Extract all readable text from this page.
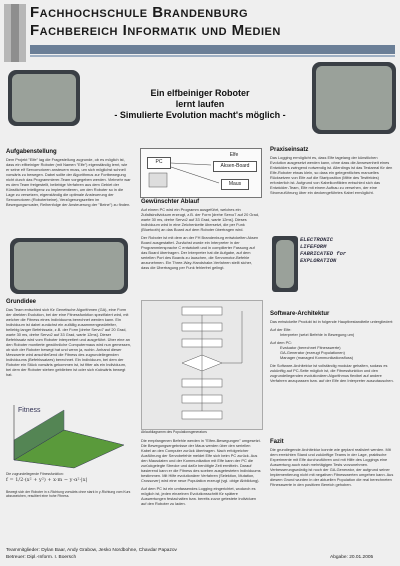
Fachhochschule Brandenburg
Fachbereich Informatik und Medien
Ein elfbeiniger Roboter
lernt laufen
- Simulierte Evolution macht's möglich -
Aufgabenstellung

Dem Projekt "Elfe" lag die Fragestellung zugrunde, ob es möglich ist, dass ein elfbeiniger Roboter (mit Namen "Elfe") eigenständig lernt, wie er seine elf Servomotoren ansteuern muss, um sich möglichst schnell vorwärts zu bewegen. Dabei sollte der Algorithmus zur Fortbewegung nicht durch das Programmierer-Team vorgegeben werden. Vielmehr war es dem Team freigestellt, beliebige Verfahren aus dem Gebiet der Künstlichen Intelligenz zu implementieren, um den Roboter so in die Lage zu versetzen, eigenständig die optimale Ansteuerung der Servomotoren (Roboterbeine), Verzögerungszeiten im Bewegungsmuster, Reihenfolge der Ansteuerung der "Beine") zu finden.

Grundidee

Das Team entschied sich für Genetische Algorithmen (GA), eine Form der direkten Evolution, bei der eine Fitnessfunktion spezifiziert wird, mit welcher die Fitness eines Individuums berechnet werden kann. Ein Individuum ist dabei zunächst ein zufällig zusammengewürfelter, beliebig langer Befehlssatz, z.B. der Form [drehe Servo7 auf 20 Grad, warte 30 ms, drehe Servo2 auf 33 Grad, warte 12ms]. Dieser Befehlssatz wird vom Roboter interpretiert und ausgeführt. Über eine an den Roboter montierte gewöhnliche Computermaus wird nun gemessen, ob sich der Roboter bewegt hat und wenn ja, wohin. Anhand dieser Messwerte wird anschließend die Fitness des zugrundeliegenden Individuums (Befehlssatzes) berechnet. Ein Individuum, bei dem der Roboter ein Stück vorwärts gekommen ist, ist fitter als ein Individuum, bei dem der Roboter stehen geblieben ist oder sich rückwärts bewegt hat.

Fitness
Die zugrundeliegende Fitnessfunktion:
f = 1/2·(x² + y²) + x·m − y·α²·|x|
Bewegt sich der Roboter in x-Richtung vorwärts ohne stark in y-Richtung vom Kurs abzuweichen, resultiert eine hohe Fitness.
PC
Elfe
Aksen-Board
Maus
Gewünschter Ablauf

Auf einem PC wird ein Programm ausgeführt, welches ein Zufallsindividuum erzeugt, z.B. der Form [drehe Servo7 auf 20 Grad, warte 30 ms, drehe Servo2 auf 33 Grad, warte 12ms]. Dieses Individuum wird in eine Zeichenkette übersetzt, die per Funk (Bluetooth) an das Board auf dem Roboter übertragen wird.

Der Roboter ist mit dem an der FH Brandenburg entwickelten Aksen Board ausgestattet. Zunächst wurde ein Interpreter in der Programmiersprache C entwickelt und in compilierter Fassung auf das Board übertragen. Der Interpreter hat die Aufgabe, auf dem seriellen Port des Boards zu lauschen, die Servomotor-Befehle anzunehmen. Ein Three-Way-Handshake-Verfahren stellt sicher, dass die Übertragung per Funk fehlerfrei gelingt.

Ablaufdiagramm des Populationsgenerators

Die empfangenen Befehle werden in "Elfen-Bewegungen" umgesetzt. Die Bewegungsergebnisse der Maus werden über den seriellen Kabel an den Computer zurück übertragen. Nach erfolgreicher Ausführung der Servobefehle meldet Elfe sich beim PC zurück. Aus den Mausdaten und der Kommunikation mit Elfe kann der PC die zurückgelegte Strecke und dafür benötigte Zeit ermitteln. Darauf basierend kann er die Fitness des soeben ausgetesteten Individuums bestimmen. Mit Hilfe evolutionärer Verfahren (Selektion, Mutation, Crossover) wird eine neue Population erzeugt (vgl. obige Abbildung).

Auf dem PC ist ein umfassendes Logging eingerichtet, wodurch es möglich ist, jeden einzelnen Evolutionsschritt für spätere Auswertungen festzuhalten bzw. bereits zuvor getestete Individuen auf den Roboter zu laden.

Praxiseinsatz

Das Logging ermöglicht es, dass Elfe tagelang der künstlichen Evolution ausgesetzt werden kann, ohne dass die Anwesenheit eines Entwicklers zwingend notwendig ist. Allerdings ist das Testareal für den Elfe-Roboter etwas klein, so dass ein gelegentliches manuelles Rücksetzen von Elfe auf die Startposition (Mitte des Testfeldes) erforderlich ist. Aufgrund von Kabelkonflikten entschied sich das Entwickler-Team, Elfe mit einem Aufbau zu versehen, der eine Stromzuführung über ein deckengeführtes Kabel ermöglicht.

ELECTRONIC
LIFEFORM
FABRICATED for
EXPLORATION
Software-Architektur

Das entwickelte Produkt ist in folgende Hauptbestandteile untergliedert:

Auf der Elfe:

Interpreter (setzt Befehle in Bewegung um)

Auf dem PC:

Evaluator (berechnet Fitnesswerte)

GA-Generator (erzeugt Populationen)

Manager (managed Kommunikationsfluss)

Die Software-Architektur ist vollständig modular gehalten, sodass es zukünftig auf PC-Seite möglich ist, die Fitnessfunktion und den zugrundeliegenden evolutionären Algorithmus flexibel auf andere Verfahren anzupassen bzw. auf der Elfe den Interpreter auszutauschen.

Fazit

Die grundlegende Architektur konnte wie geplant realisiert werden. Mit dem erreichten Stand und zukünftige Teams in der Lage, praktische Experimente mit Elfe durchzuführen und mit Hilfe des Loggings eine Auswertung auch nach mehrtägigen Tests vorzunehmen. Verbesserungswürdig ist noch der GA-Generator, der aufgrund seiner Implementierung nicht mit negativen Fitnesswerten umgehen kann. Aus diesem Grund wurden in der aktuellen Population die real berechneten Fitnesswerte in den positiven Bereich gehoben.

Teammitglieder: Dylan Baar, Andy Grabow, Jesko Nordbohne, Chavdar Papazov
Betreuer: Dipl.-Inform. I. Boersch	Abgabe: 20.01.2005
